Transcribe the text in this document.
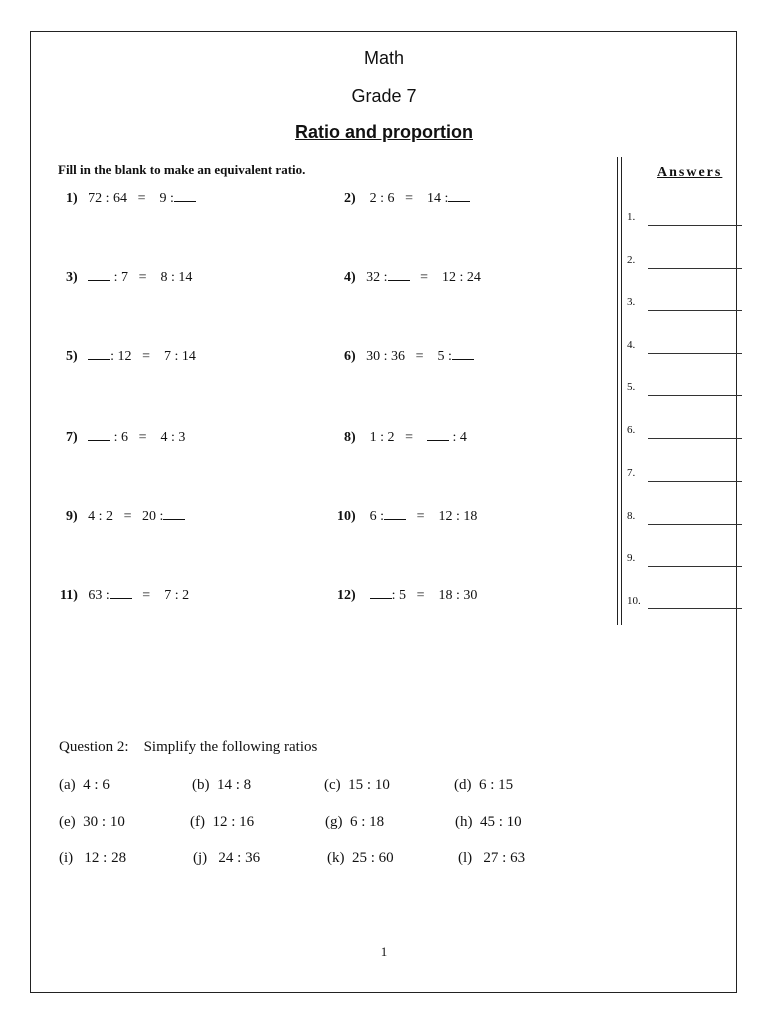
Math
Grade 7
Ratio and proportion
Fill in the blank to make an equivalent ratio.
1) 72 : 64 = 9 :	2) 2 : 6 = 14 :
3)	: 7 = 8 : 14	4) 32 : = 12 : 24
5) : 12 = 7 : 14	6) 30 : 36 = 5 :
7)	: 6 = 4 : 3	8) 1 : 2 =	: 4
9) 4 : 2 = 20 :	10) 6 : = 12 : 18
11) 63 : = 7 : 2	12)	: 5 = 18 : 30
Answers
1.
2.
3.
4.
5.
6.
7.
8.
9.
10.
Question 2:    Simplify the following ratios
(a)  4 : 6	(b)  14 : 8	(c)  15 : 10	(d)  6 : 15
(e)  30 : 10	(f)  12 : 16	(g)  6 : 18	(h)  45 : 10
(i)   12 : 28	(j)   24 : 36	(k)  25 : 60	(l)   27 : 63
1
